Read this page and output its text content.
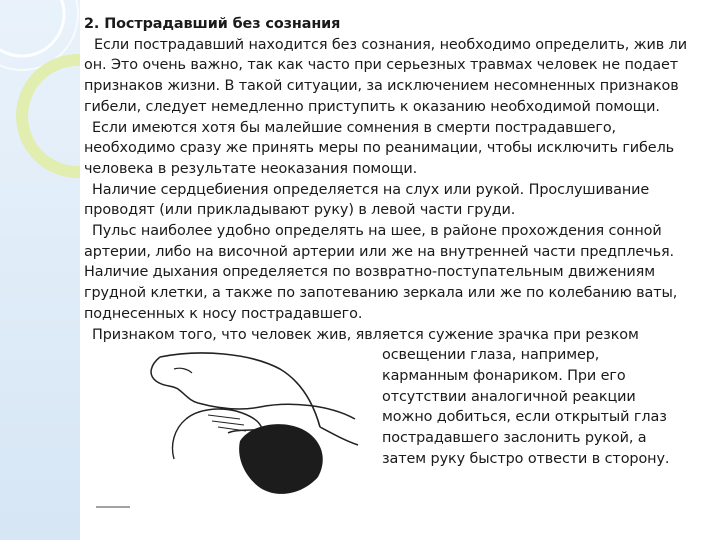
2. Пострадавший без сознания

Если пострадавший находится без сознания, необходимо определить, жив ли он. Это очень важно, так как часто при серьезных травмах человек не подает признаков жизни. В такой ситуации, за исключением несомненных признаков гибели, следует немедленно приступить к оказанию необходимой помощи.

Если имеются хотя бы малейшие сомнения в смерти пострадавшего, необходимо сразу же принять меры по реанимации, чтобы исключить гибель человека в результате неоказания помощи.

Наличие сердцебиения определяется на слух или рукой. Прослушивание проводят (или прикладывают руку) в левой части груди.

Пульс наиболее удобно определять на шее, в районе прохождения сонной артерии, либо на височной артерии или же на внутренней части предплечья. Наличие дыхания определяется по возвратно-поступательным движениям грудной клетки, а также по запотеванию зеркала или же по колебанию ваты, поднесенных к носу пострадавшего.

Признаком того, что человек жив, является сужение зрачка при резком

освещении глаза, например,
карманным фонариком. При его
отсутствии аналогичной реакции
можно добиться, если открытый глаз
пострадавшего заслонить рукой, а
затем руку быстро отвести в сторону.
